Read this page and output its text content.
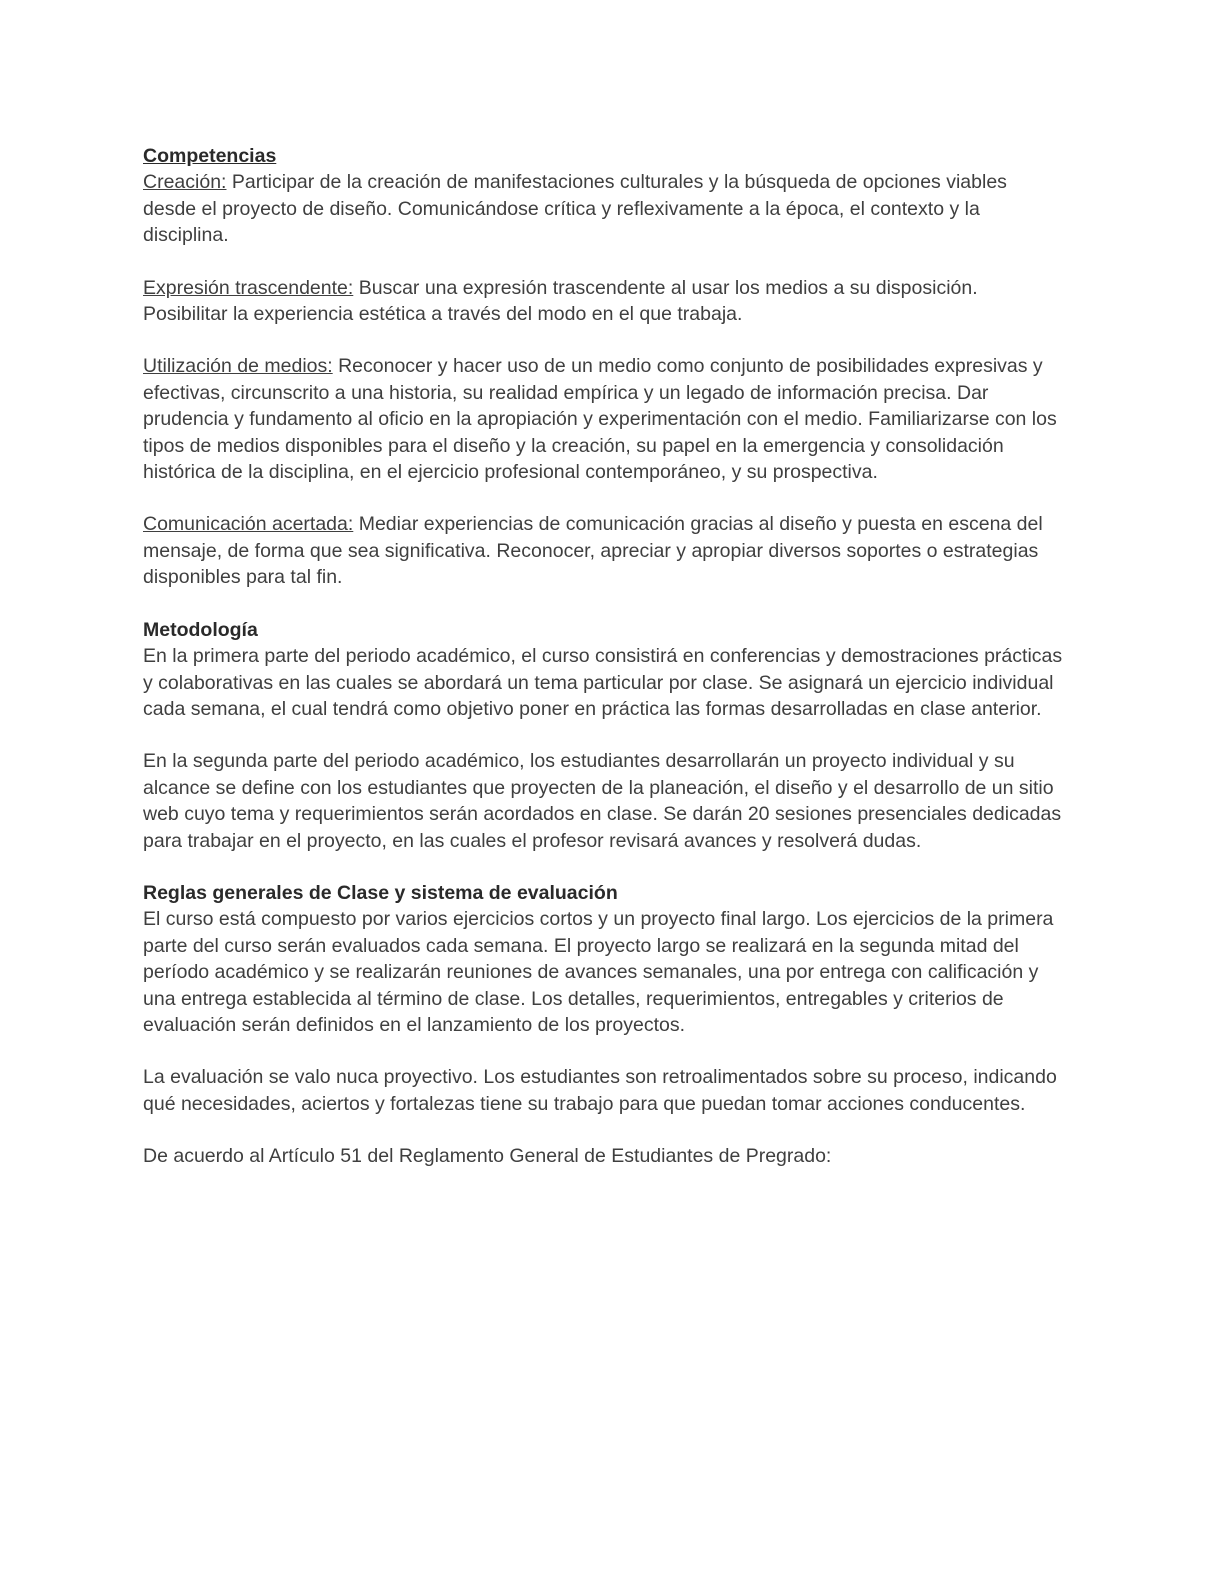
Competencias

Creación: Participar de la creación de manifestaciones culturales y la búsqueda de opciones viables desde el proyecto de diseño. Comunicándose crítica y reflexivamente a la época, el contexto y la disciplina.

Expresión trascendente: Buscar una expresión trascendente al usar los medios a su disposición. Posibilitar la experiencia estética a través del modo en el que trabaja.

Utilización de medios: Reconocer y hacer uso de un medio como conjunto de posibilidades expresivas y efectivas, circunscrito a una historia, su realidad empírica y un legado de información precisa. Dar prudencia y fundamento al oficio en la apropiación y experimentación con el medio. Familiarizarse con los tipos de medios disponibles para el diseño y la creación, su papel en la emergencia y consolidación histórica de la disciplina, en el ejercicio profesional contemporáneo, y su prospectiva.

Comunicación acertada: Mediar experiencias de comunicación gracias al diseño y puesta en escena del mensaje, de forma que sea significativa. Reconocer, apreciar y apropiar diversos soportes o estrategias disponibles para tal fin.

Metodología

En la primera parte del periodo académico, el curso consistirá en conferencias y demostraciones prácticas y colaborativas en las cuales se abordará un tema particular por clase. Se asignará un ejercicio individual cada semana, el cual tendrá como objetivo poner en práctica las formas desarrolladas en clase anterior.

En la segunda parte del periodo académico, los estudiantes desarrollarán un proyecto individual y su alcance se define con los estudiantes que proyecten de la planeación, el diseño y el desarrollo de un sitio web cuyo tema y requerimientos serán acordados en clase. Se darán 20 sesiones presenciales dedicadas para trabajar en el proyecto, en las cuales el profesor revisará avances y resolverá dudas.

Reglas generales de Clase y sistema de evaluación

El curso está compuesto por varios ejercicios cortos y un proyecto final largo. Los ejercicios de la primera parte del curso serán evaluados cada semana. El proyecto largo se realizará en la segunda mitad del período académico y se realizarán reuniones de avances semanales, una por entrega con calificación y una entrega establecida al término de clase. Los detalles, requerimientos, entregables y criterios de evaluación serán definidos en el lanzamiento de los proyectos.

La evaluación se valo nuca proyectivo. Los estudiantes son retroalimentados sobre su proceso, indicando qué necesidades, aciertos y fortalezas tiene su trabajo para que puedan tomar acciones conducentes.

De acuerdo al Artículo 51 del Reglamento General de Estudiantes de Pregrado:
